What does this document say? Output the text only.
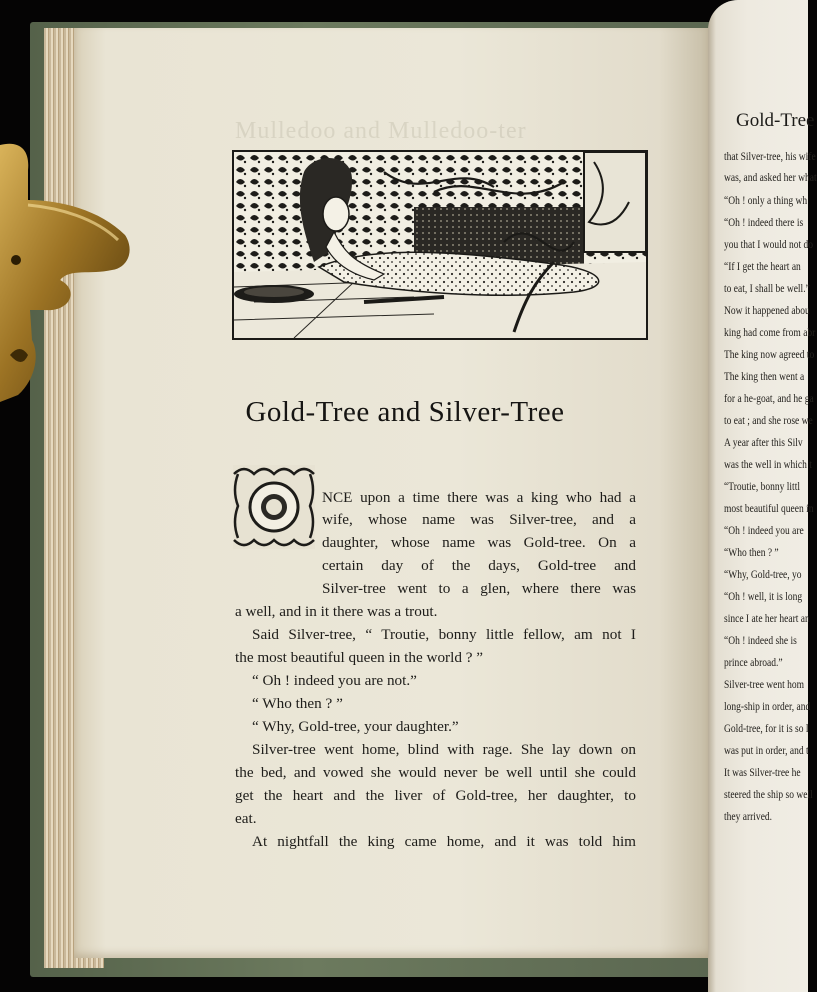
Mulledoo and Mulledoo-ter
Gold-Tree and Silver-Tree
NCE upon a time there was a king who had a
wife, whose name was Silver-tree, and a
daughter, whose name was Gold-tree. On a
certain day of the days, Gold-tree and
Silver-tree went to a glen, where there was
a well, and in it there was a trout.
Said Silver-tree, “ Troutie, bonny little fellow, am not I
the most beautiful queen in the world ? ”
“ Oh ! indeed you are not.”
“ Who then ? ”
“ Why, Gold-tree, your daughter.”
Silver-tree went home, blind with rage. She lay down on
the bed, and vowed she would never be well until she could
get the heart and the liver of Gold-tree, her daughter, to
eat.
At nightfall the king came home, and it was told him
Gold-Tree
that Silver-tree, his wife
was, and asked her what
“Oh ! only a thing wh
“Oh ! indeed there is
you that I would not do
“If I get the heart an
to eat, I shall be well.”
Now it happened abou
king had come from abr
The king now agreed to
The king then went a
for a he-goat, and he ga
to eat ; and she rose we
A year after this Silv
was the well in which t
“Troutie, bonny littl
most beautiful queen in
“Oh ! indeed you are
“Who then ? ”
“Why, Gold-tree, yo
“Oh ! well, it is long
since I ate her heart an
“Oh ! indeed she is
prince abroad.”
Silver-tree went hom
long-ship in order, and
Gold-tree, for it is so l
was put in order, and t
It was Silver-tree he
steered the ship so well
they arrived.
